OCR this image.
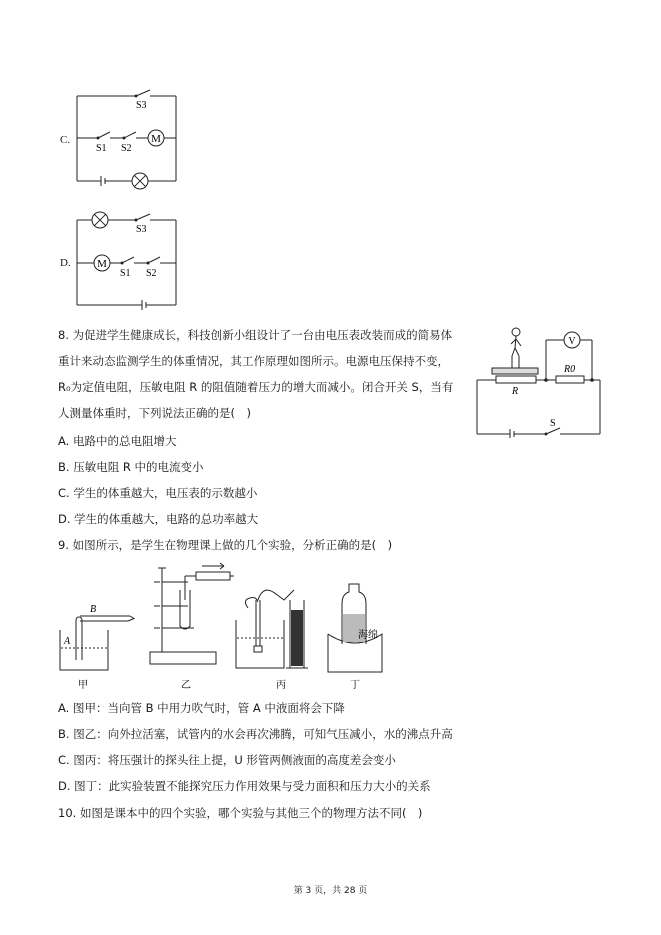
C.	M
S3
S1 S2
D. M
S3
S1 S2
8. 为促进学生健康成长，科技创新小组设计了一台由电压表改装而成的简易体
重计来动态监测学生的体重情况，其工作原理如图所示。电源电压保持不变，
R₀为定值电阻，压敏电阻 R 的阻值随着压力的增大而减小。闭合开关 S，当有
人测量体重时，下列说法正确的是(　)
A. 电路中的总电阻增大
B. 压敏电阻 R 中的电流变小
C. 学生的体重越大，电压表的示数越小
D. 学生的体重越大，电路的总功率越大
V
R0
R
S
9. 如图所示，是学生在物理课上做的几个实验，分析正确的是(　)
B
A
海绵
甲	乙	丙	丁
A. 图甲：当向管 B 中用力吹气时，管 A 中液面将会下降
B. 图乙：向外拉活塞，试管内的水会再次沸腾，可知气压减小，水的沸点升高
C. 图丙：将压强计的探头往上提，U 形管两侧液面的高度差会变小
D. 图丁：此实验装置不能探究压力作用效果与受力面积和压力大小的关系
10. 如图是课本中的四个实验，哪个实验与其他三个的物理方法不同(　)
第 3 页，共 28 页
